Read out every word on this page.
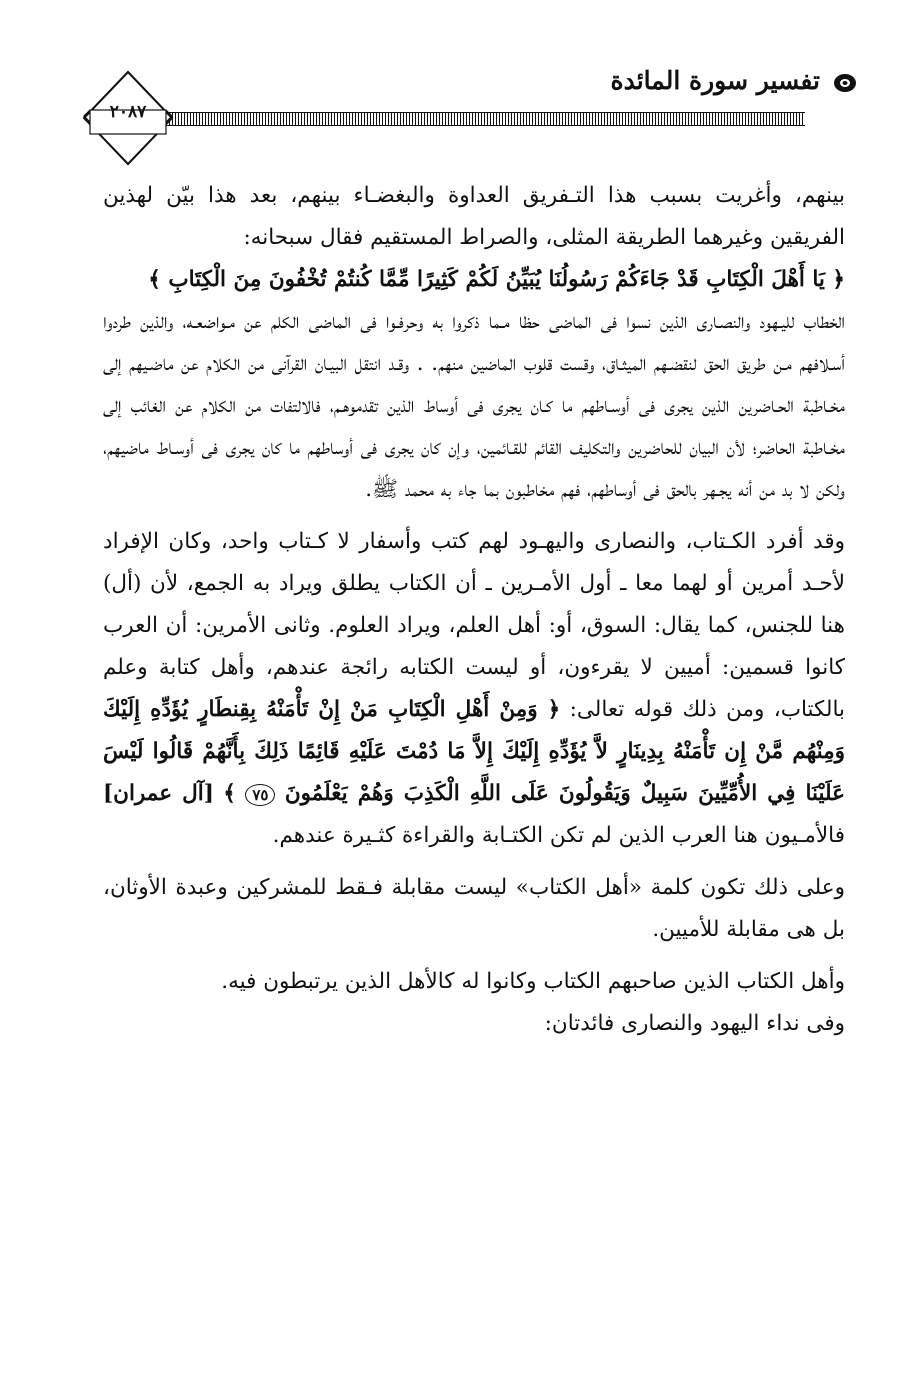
تفسير سورة المائدة
٢٠٨٧

بينهم، وأغريت بسبب هذا التـفريق العداوة والبغضـاء بينهم، بعد هذا بيّن لهذين الفريقين وغيرهما الطريقة المثلى، والصراط المستقيم فقال سبحانه:

﴿ يَا أَهْلَ الْكِتَابِ قَدْ جَاءَكُمْ رَسُولُنَا يُبَيِّنُ لَكُمْ كَثِيرًا مِّمَّا كُنتُمْ تُخْفُونَ مِنَ الْكِتَابِ ﴾

الخطاب لليـهود والنصـارى الذين نسوا فى الماضى حظا مـما ذكروا به وحرفـوا فى الماضى الكلم عن مـواضعـه، والذين طردوا أسـلافهم مـن طريق الحق لنقضـهم الميثـاق، وقست قلوب الماضين منهم. . وقـد انتقل البيـان القرآنى من الكلام عن ماضـيهم إلى مخـاطبة الحـاضرين الذين يجرى فى أوسـاطهم ما كـان يجرى فى أوساط الذين تقدموهـم، فالالتفات من الكلام عن الغائب إلى مخـاطبة الحاضر؛ لأن البيان للحاضرين والتكليف القائم للقـائمين، وإن كان يجرى فى أوساطهم ما كان يجرى فى أوسـاط ماضيهم، ولكن لا بد من أنه يجـهر بالحق فى أوساطهم، فهم مخاطبون بما جاء به محمد ﷺ.

وقد أفرد الكـتاب، والنصارى واليهـود لهم كتب وأسفار لا كـتاب واحد، وكان الإفراد لأحـد أمرين أو لهما معا ـ أول الأمـرين ـ أن الكتاب يطلق ويراد به الجمع، لأن (أل) هنا للجنس، كما يقال: السوق، أو: أهل العلم، ويراد العلوم. وثانى الأمرين: أن العرب كانوا قسمين: أميين لا يقرءون، أو ليست الكتابه رائجة عندهم، وأهل كتابة وعلم بالكتاب، ومن ذلك قوله تعالى: ﴿ وَمِنْ أَهْلِ الْكِتَابِ مَنْ إِنْ تَأْمَنْهُ بِقِنطَارٍ يُؤَدِّهِ إِلَيْكَ وَمِنْهُم مَّنْ إِن تَأْمَنْهُ بِدِينَارٍ لاَّ يُؤَدِّهِ إِلَيْكَ إِلاَّ مَا دُمْتَ عَلَيْهِ قَائِمًا ذَلِكَ بِأَنَّهُمْ قَالُوا لَيْسَ عَلَيْنَا فِي الأُمِّيِّينَ سَبِيلٌ وَيَقُولُونَ عَلَى اللَّهِ الْكَذِبَ وَهُمْ يَعْلَمُونَ ٧٥ ﴾ [آل عمران] فالأمـيون هنا العرب الذين لم تكن الكتـابة والقراءة كثـيرة عندهم.

وعلى ذلك تكون كلمة «أهل الكتاب» ليست مقابلة فـقط للمشركين وعبدة الأوثان، بل هى مقابلة للأميين.

وأهل الكتاب الذين صاحبهم الكتاب وكانوا له كالأهل الذين يرتبطون فيه.

وفى نداء اليهود والنصارى فائدتان:
